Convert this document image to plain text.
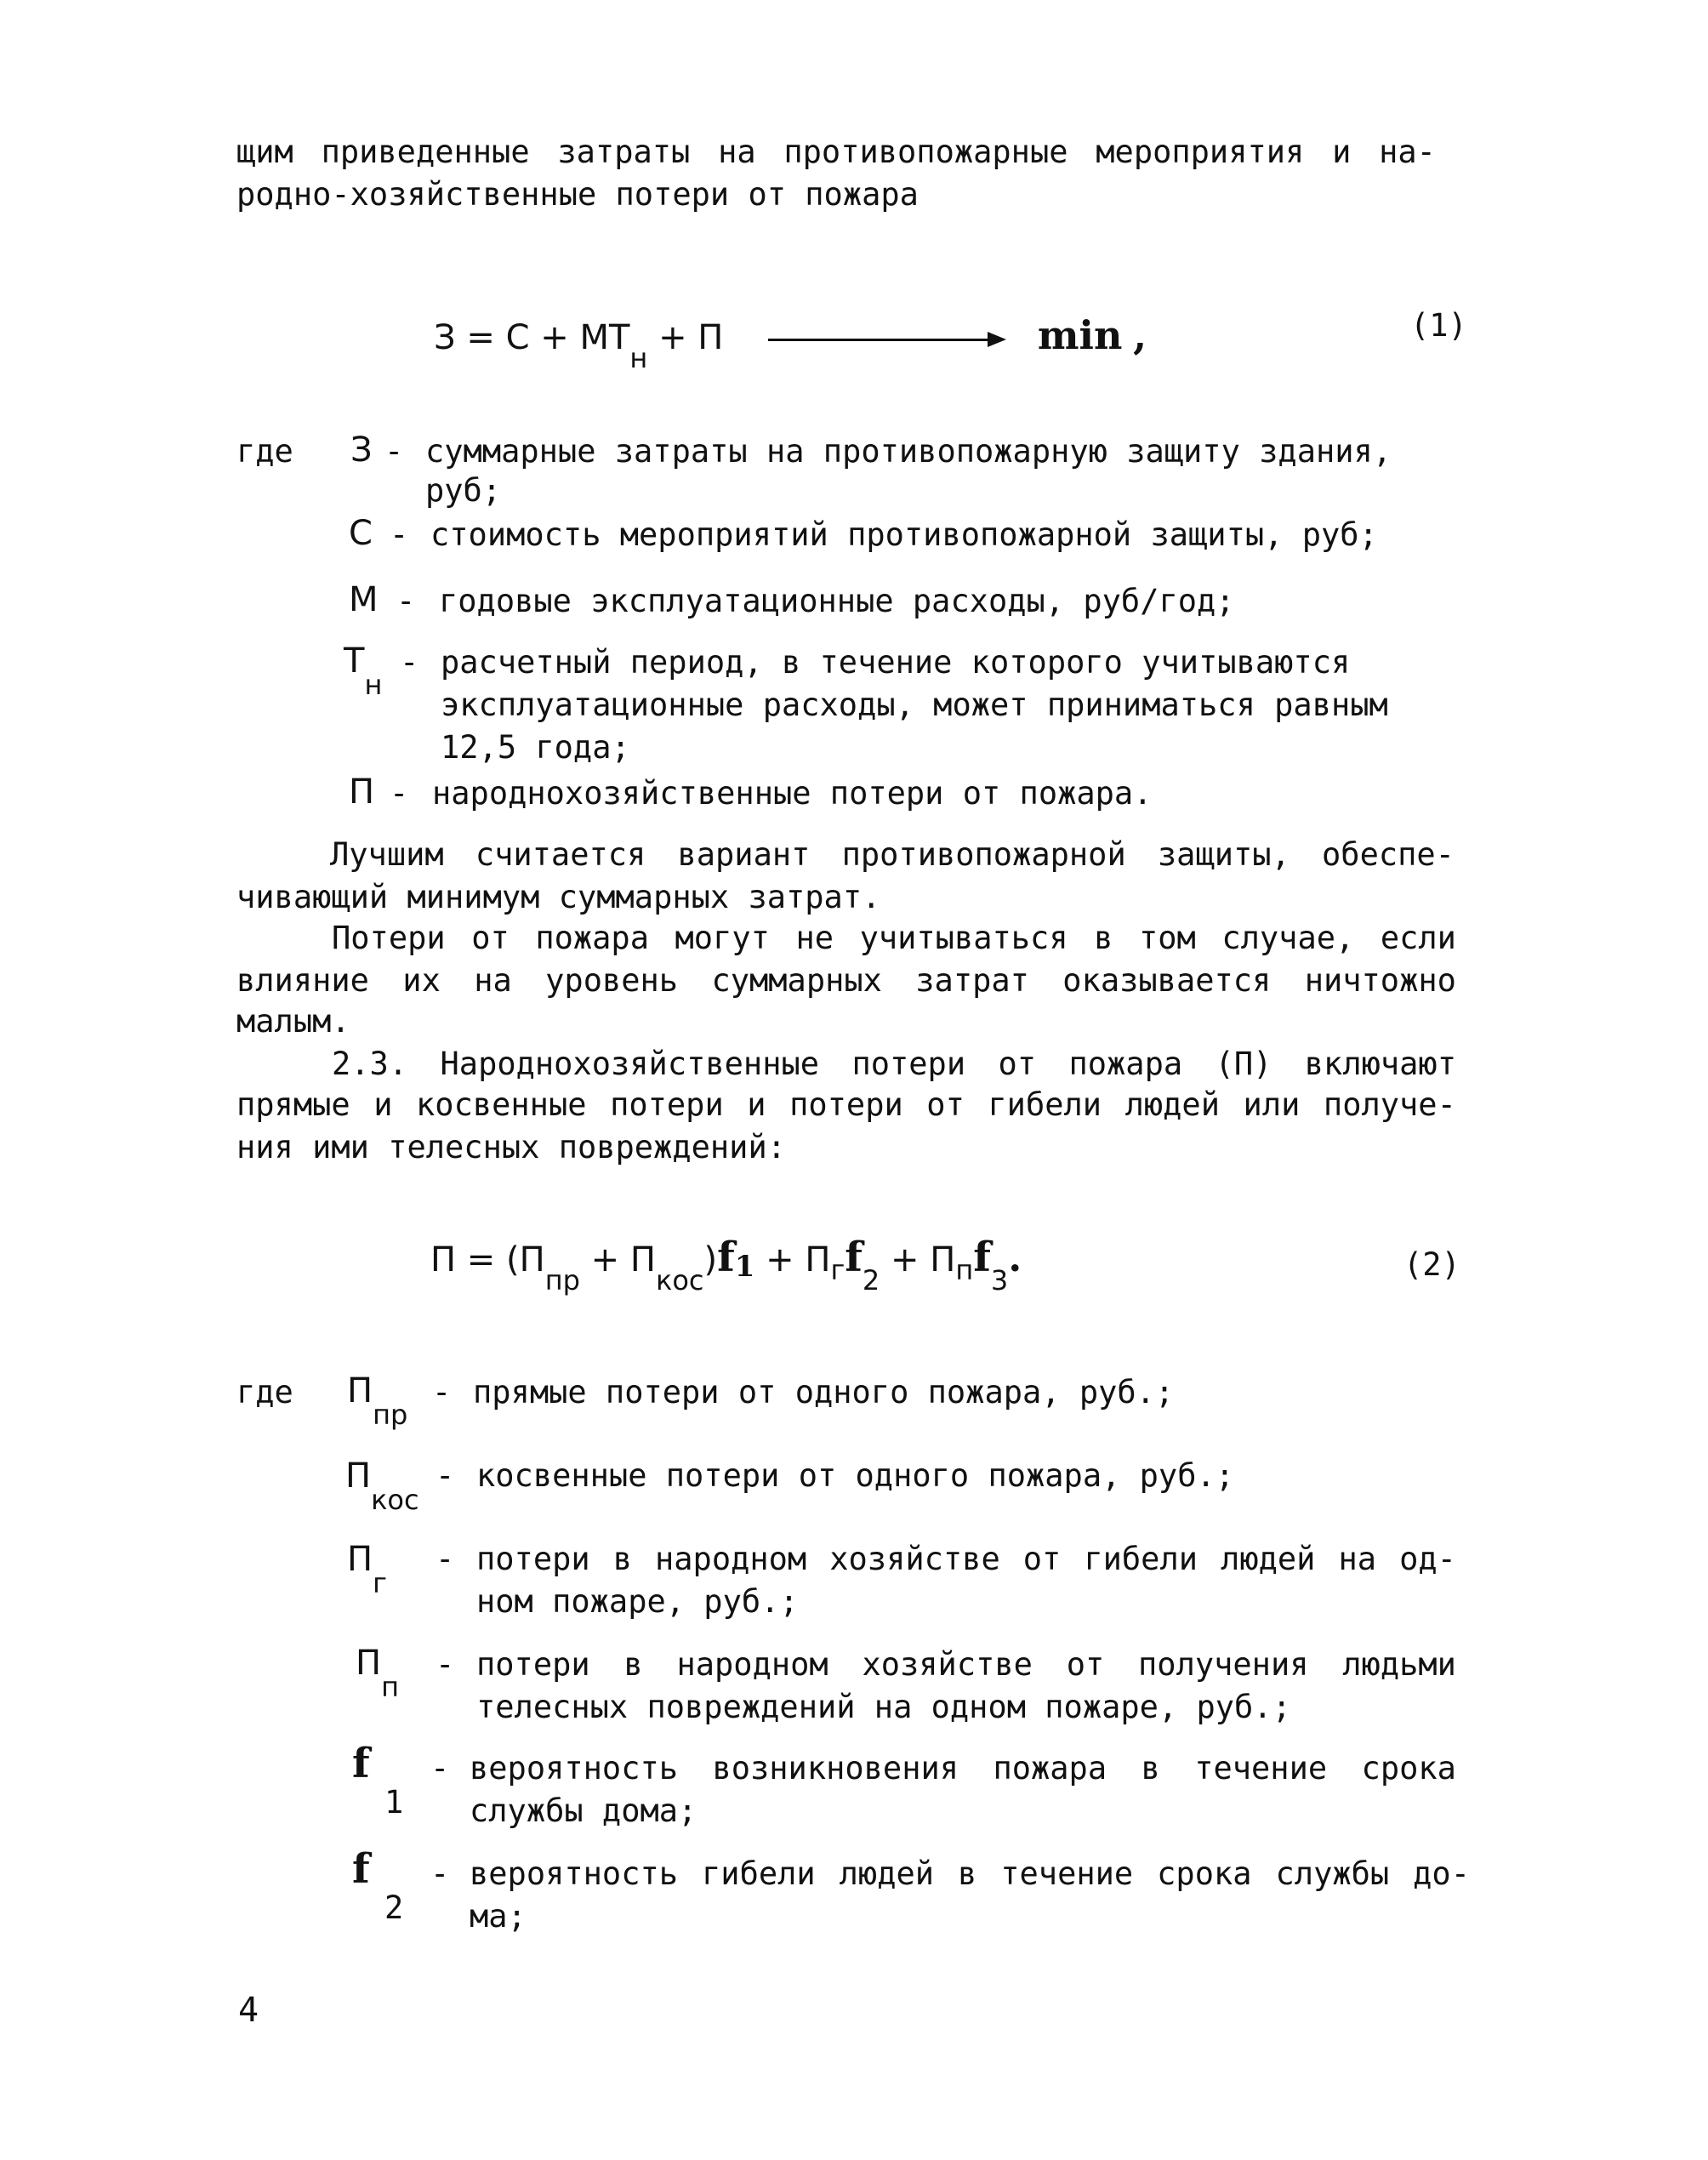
щим приведенные затраты на противопожарные мероприятия и на-
родно-хозяйственные потери от пожара
$З = С + МТ_н + П$	min ,	(1)
где З - суммарные затраты на противопожарную защиту здания,
руб;
С - стоимость мероприятий противопожарной защиты, руб;
М - годовые эксплуатационные расходы, руб/год;
$Т_н$
- расчетный период, в течение которого учитываются
эксплуатационные расходы, может приниматься равным
12,5 года;
П - народнохозяйственные потери от пожара.
Лучшим считается вариант противопожарной защиты, обеспе-
чивающий минимум суммарных затрат.
Потери от пожара могут не учитываться в том случае, если
влияние их на уровень суммарных затрат оказывается ничтожно
малым.
2.3. Народнохозяйственные потери от пожара (П) включают
прямые и косвенные потери и потери от гибели людей или получе-
ния ими телесных повреждений:
$П = (П_{пр} + П_{кос})f1 + П_гf_2 + П_пf_3$.	(2)
где $П_{пр}$
- прямые потери от одного пожара, руб.;
$П_{кос}$
- косвенные потери от одного пожара, руб.;
$П_г$
- потери в народном хозяйстве от гибели людей на од-
ном пожаре, руб.;
$П_п$
- потери в народном хозяйстве от получения людьми
телесных повреждений на одном пожаре, руб.;
f
1
- вероятность возникновения пожара в течение срока
службы дома;
f
2
- вероятность гибели людей в течение срока службы до-
ма;
4
